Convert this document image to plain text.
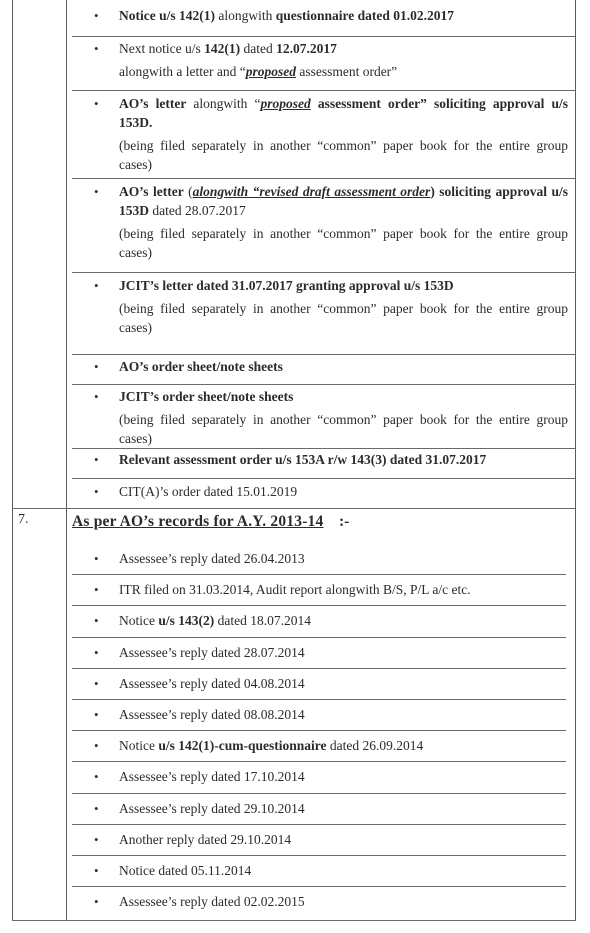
• Notice u/s 142(1) alongwith questionnaire dated 01.02.2017
• Next notice u/s 142(1) dated 12.07.2017
alongwith a letter and “proposed assessment order”
• AO’s letter alongwith “proposed assessment order” soliciting approval u/s 153D.
(being filed separately in another “common” paper book for the entire group cases)
• AO’s letter (alongwith “revised draft assessment order) soliciting approval u/s 153D dated 28.07.2017
(being filed separately in another “common” paper book for the entire group cases)
• JCIT’s letter dated 31.07.2017 granting approval u/s 153D
(being filed separately in another “common” paper book for the entire group cases)
• AO’s order sheet/note sheets
• JCIT’s order sheet/note sheets
(being filed separately in another “common” paper book for the entire group cases)
• Relevant assessment order u/s 153A r/w 143(3) dated 31.07.2017
• CIT(A)’s order dated 15.01.2019
7.	As per AO’s records for A.Y. 2013-14 :-
• Assessee’s reply dated 26.04.2013
• ITR filed on 31.03.2014, Audit report alongwith B/S, P/L a/c etc.
• Notice u/s 143(2) dated 18.07.2014
• Assessee’s reply dated 28.07.2014
• Assessee’s reply dated 04.08.2014
• Assessee’s reply dated 08.08.2014
• Notice u/s 142(1)-cum-questionnaire dated 26.09.2014
• Assessee’s reply dated 17.10.2014
• Assessee’s reply dated 29.10.2014
• Another reply dated 29.10.2014
• Notice dated 05.11.2014
• Assessee’s reply dated 02.02.2015
